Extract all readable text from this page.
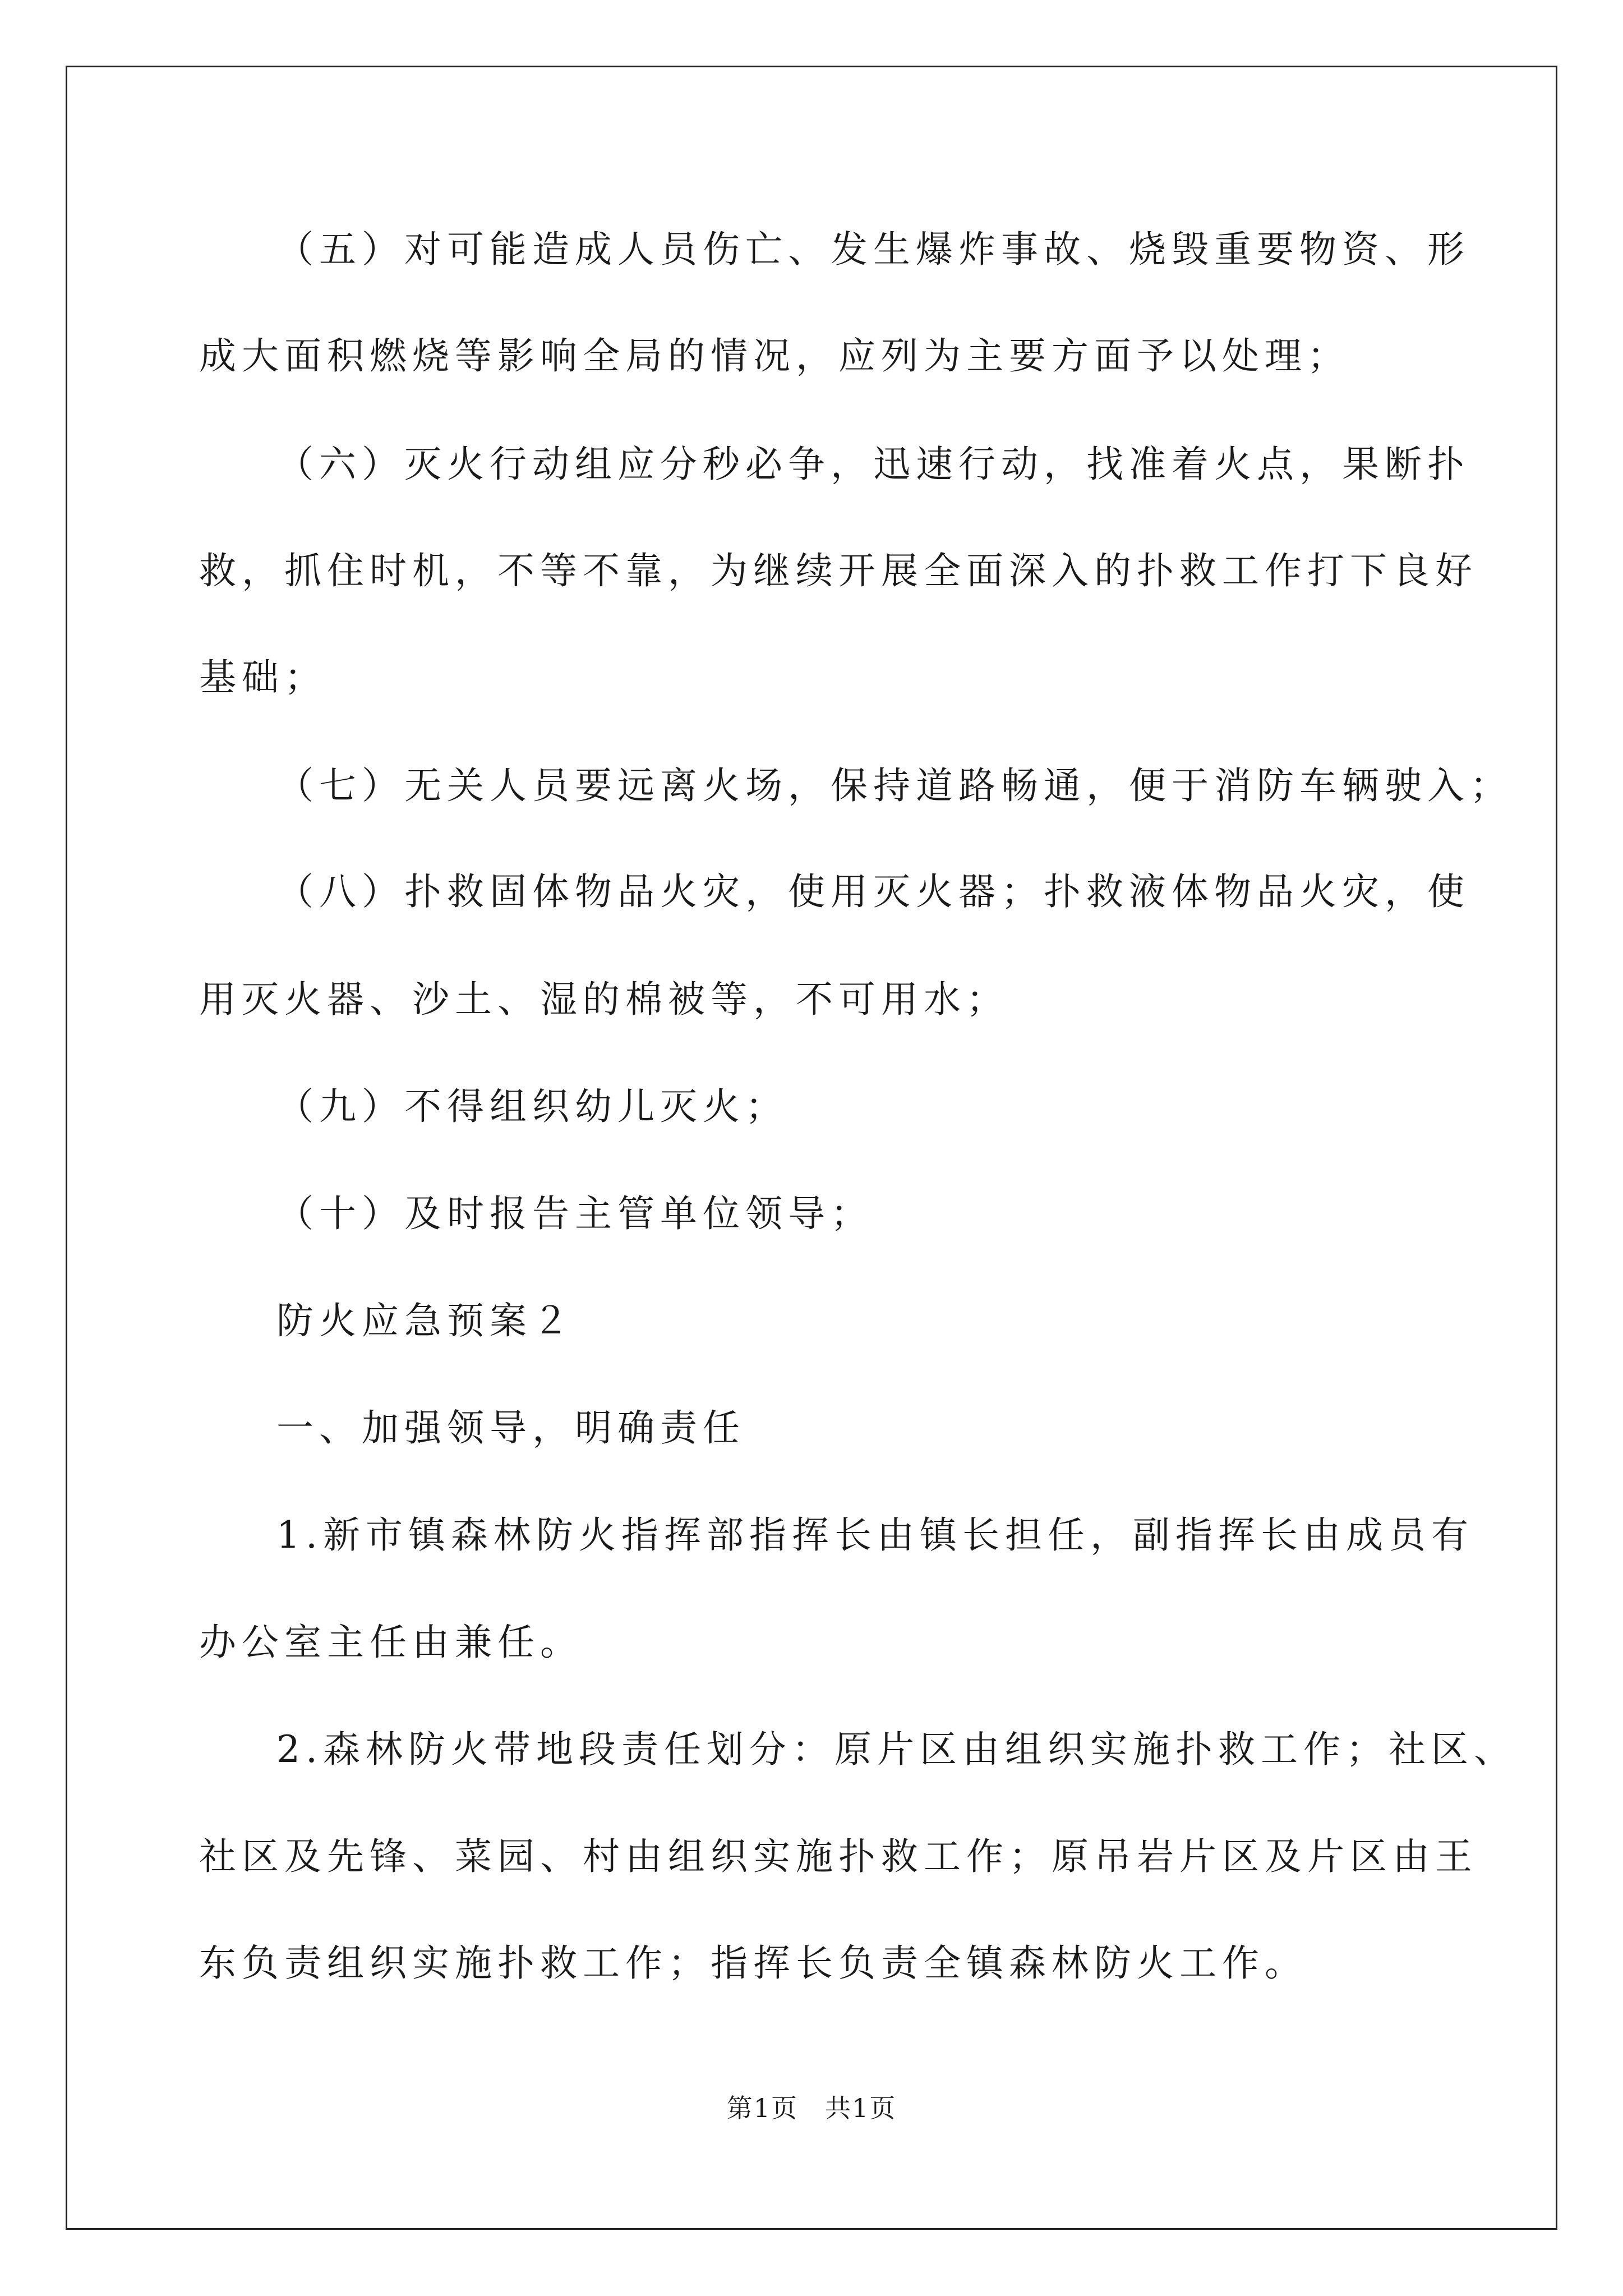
（五）对可能造成人员伤亡、发生爆炸事故、烧毁重要物资、形
成大面积燃烧等影响全局的情况，应列为主要方面予以处理；
（六）灭火行动组应分秒必争，迅速行动，找准着火点，果断扑
救，抓住时机，不等不靠，为继续开展全面深入的扑救工作打下良好
基础；
（七）无关人员要远离火场，保持道路畅通，便于消防车辆驶入；
（八）扑救固体物品火灾，使用灭火器；扑救液体物品火灾，使
用灭火器、沙土、湿的棉被等，不可用水；
（九）不得组织幼儿灭火；
（十）及时报告主管单位领导；
防火应急预案２
一、加强领导，明确责任
1.新市镇森林防火指挥部指挥长由镇长担任，副指挥长由成员有
办公室主任由兼任。
2.森林防火带地段责任划分：原片区由组织实施扑救工作；社区、
社区及先锋、菜园、村由组织实施扑救工作；原吊岩片区及片区由王
东负责组织实施扑救工作；指挥长负责全镇森林防火工作。
第1页　共1页
